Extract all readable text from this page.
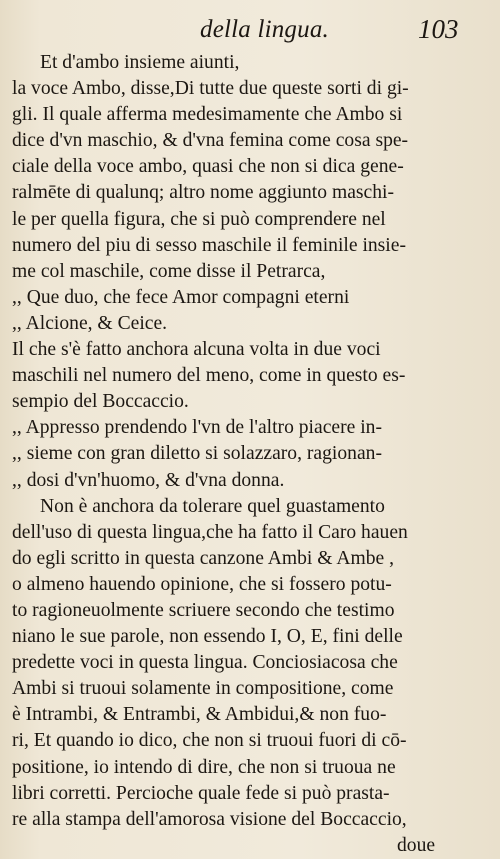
della lingua.	103
Et d'ambo insieme aiunti,
la voce Ambo, disse,Di tutte due queste sorti di gi-
gli. Il quale afferma medesimamente che Ambo si
dice d'vn maschio, & d'vna femina come cosa spe-
ciale della voce ambo, quasi che non si dica gene-
ralmēte di qualunq; altro nome aggiunto maschi-
le per quella figura, che si può comprendere nel
numero del piu di sesso maschile il feminile insie-
me col maschile, come disse il Petrarca,
,, Que duo, che fece Amor compagni eterni
,, Alcione, & Ceice.
Il che s'è fatto anchora alcuna volta in due voci
maschili nel numero del meno, come in questo es-
sempio del Boccaccio.
,, Appresso prendendo l'vn de l'altro piacere in-
,, sieme con gran diletto si solazzaro, ragionan-
,, dosi d'vn'huomo, & d'vna donna.
Non è anchora da tolerare quel guastamento
dell'uso di questa lingua,che ha fatto il Caro hauen
do egli scritto in questa canzone Ambi & Ambe ,
o almeno hauendo opinione, che si fossero potu-
to ragioneuolmente scriuere secondo che testimo
niano le sue parole, non essendo I, O, E, fini delle
predette voci in questa lingua. Conciosiacosa che
Ambi si truoui solamente in compositione, come
è Intrambi, & Entrambi, & Ambidui,& non fuo-
ri, Et quando io dico, che non si truoui fuori di cō-
positione, io intendo di dire, che non si truoua ne
libri corretti. Percioche quale fede si può prasta-
re alla stampa dell'amorosa visione del Boccaccio,
doue
